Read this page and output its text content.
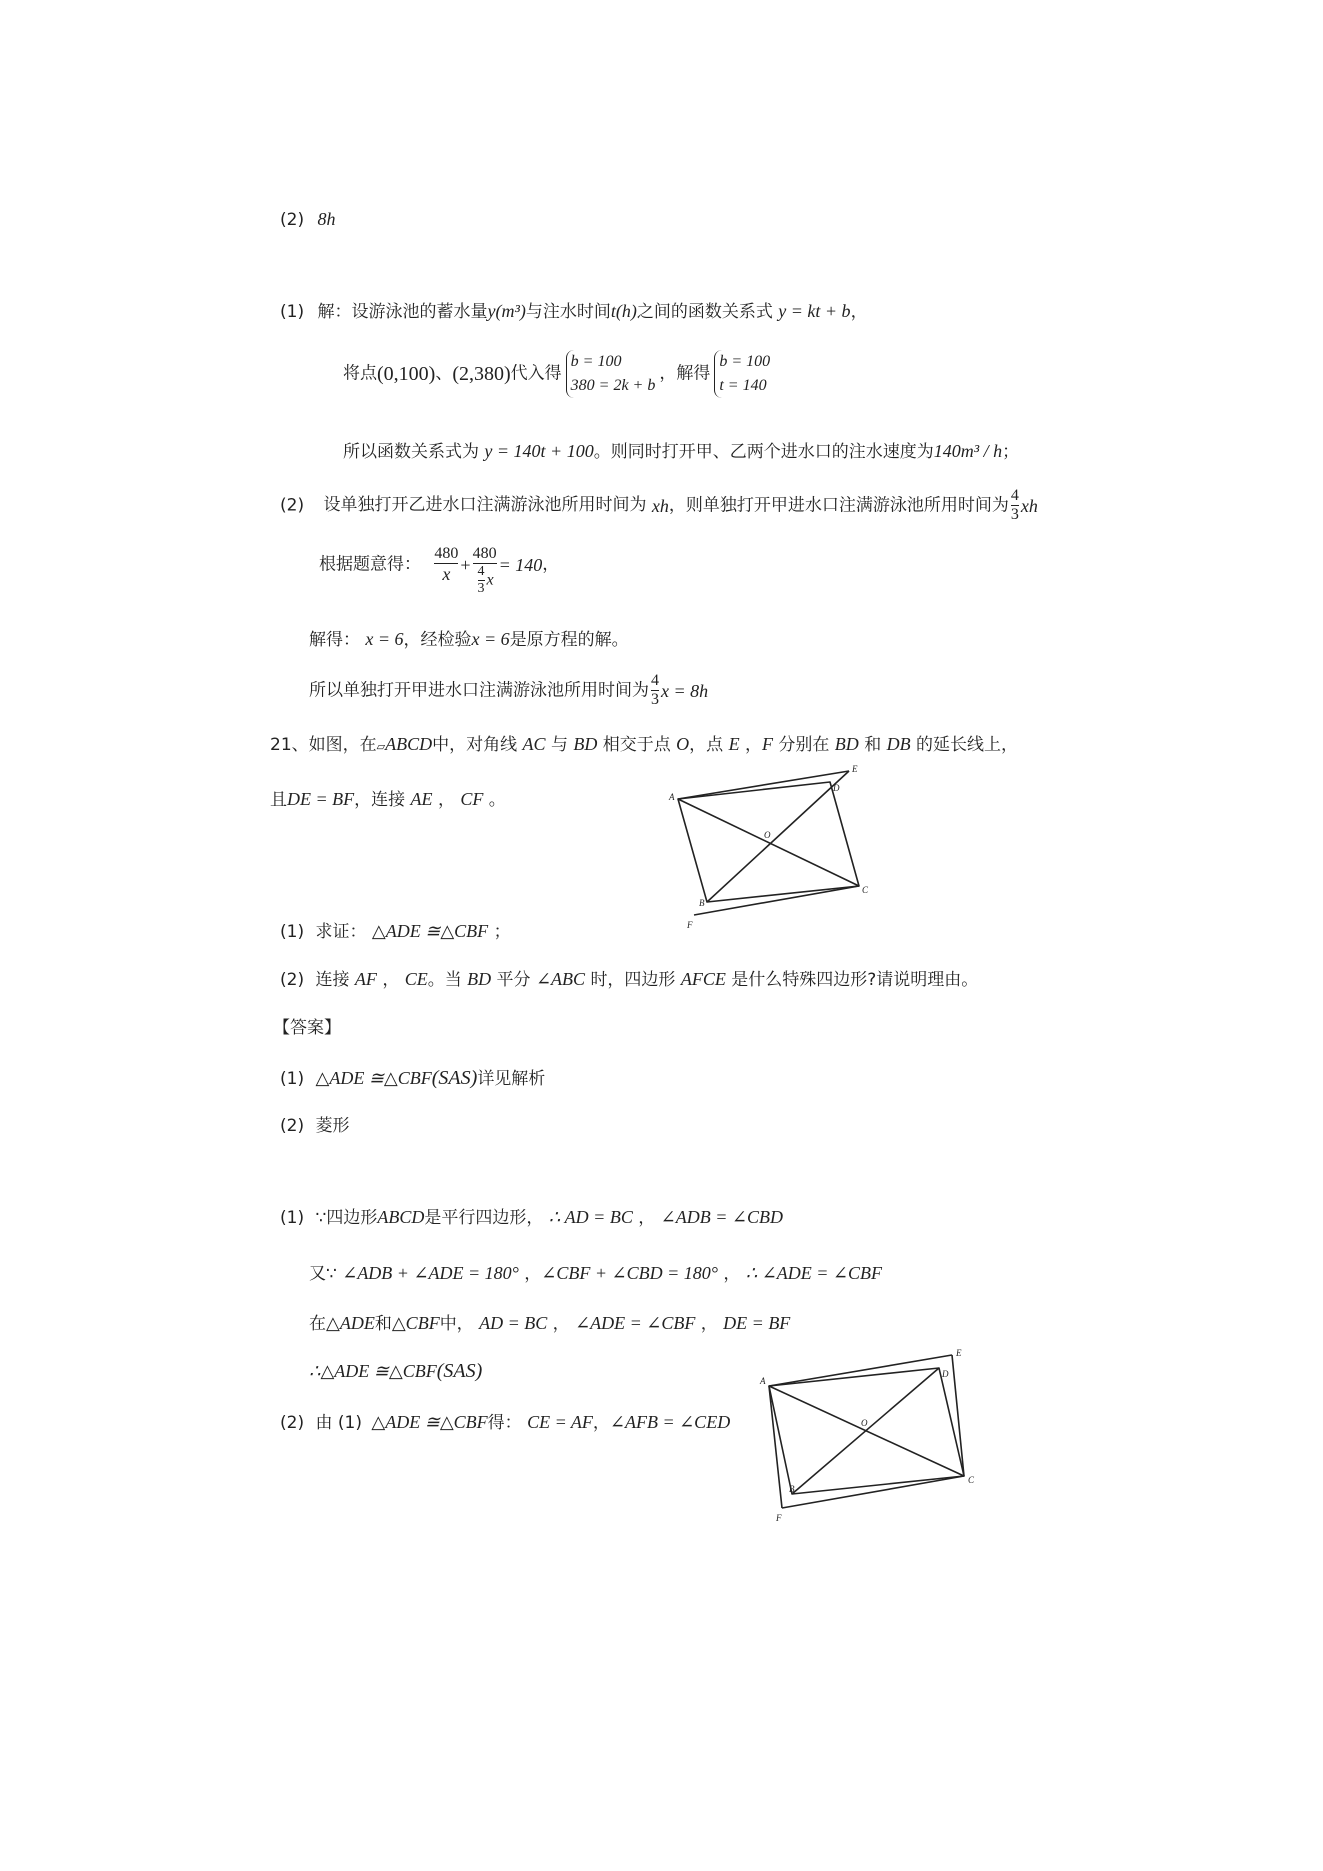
(2) 8h
(1) 解：设游泳池的蓄水量y(m³)与注水时间t(h)之间的函数关系式 y = kt + b，
将点(0,100)、(2,380)代入得
b = 100
380 = 2k + b
，解得
b = 100
t = 140
所以函数关系式为 y = 140t + 100。则同时打开甲、乙两个进水口的注水速度为140m³ / h；
(2) 设单独打开乙进水口注满游泳池所用时间为 xh，则单独打开甲进水口注满游泳池所用时间为 $\frac{4}{3}$ xh
根据题意得： $\frac{480}{x} + \frac{480}{\frac{4}{3} x} = 140$，
解得： x = 6，经检验x = 6是原方程的解。
所以单独打开甲进水口注满游泳池所用时间为 $\frac{4}{3}$ x = 8h
21、如图，在▱ABCD中，对角线 AC 与 BD 相交于点 O，点 E ，F 分别在 BD 和 DB 的延长线上，
且DE = BF，连接 AE ， CF 。	A
B
C
D
E
F
O
(1) 求证： △ADE ≅△CBF ；
(2) 连接 AF ， CE。当 BD 平分 ∠ABC 时，四边形 AFCE 是什么特殊四边形?请说明理由。
【答案】
(1) △ADE ≅△CBF(SAS)详见解析
(2) 菱形
(1) ∵四边形ABCD是平行四边形， ∴ AD = BC ， ∠ADB = ∠CBD
又∵ ∠ADB + ∠ADE = 180° ，∠CBF + ∠CBD = 180° ， ∴ ∠ADE = ∠CBF
在△ADE和△CBF中， AD = BC ， ∠ADE = ∠CBF ， DE = BF
∴△ADE ≅△CBF(SAS)
(2) 由 (1) △ADE ≅△CBF得： CE = AF，∠AFB = ∠CED
A
B
C
D
E
F
O
